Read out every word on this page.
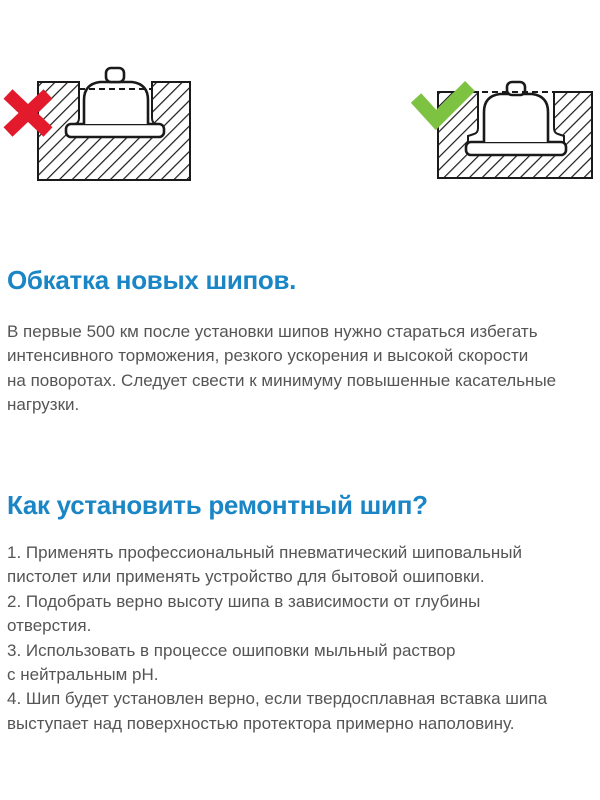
Обкатка новых шипов.
В первые 500 км после установки шипов нужно стараться избегать
интенсивного торможения, резкого ускорения и высокой скорости
на поворотах. Следует свести к минимуму повышенные касательные
нагрузки.
Как установить ремонтный шип?
1. Применять профессиональный пневматический шиповальный
пистолет или применять устройство для бытовой ошиповки.
2. Подобрать верно высоту шипа в зависимости от глубины
отверстия.
3. Использовать в процессе ошиповки мыльный раствор
с нейтральным pH.
4. Шип будет установлен верно, если твердосплавная вставка шипа
выступает над поверхностью протектора примерно наполовину.
